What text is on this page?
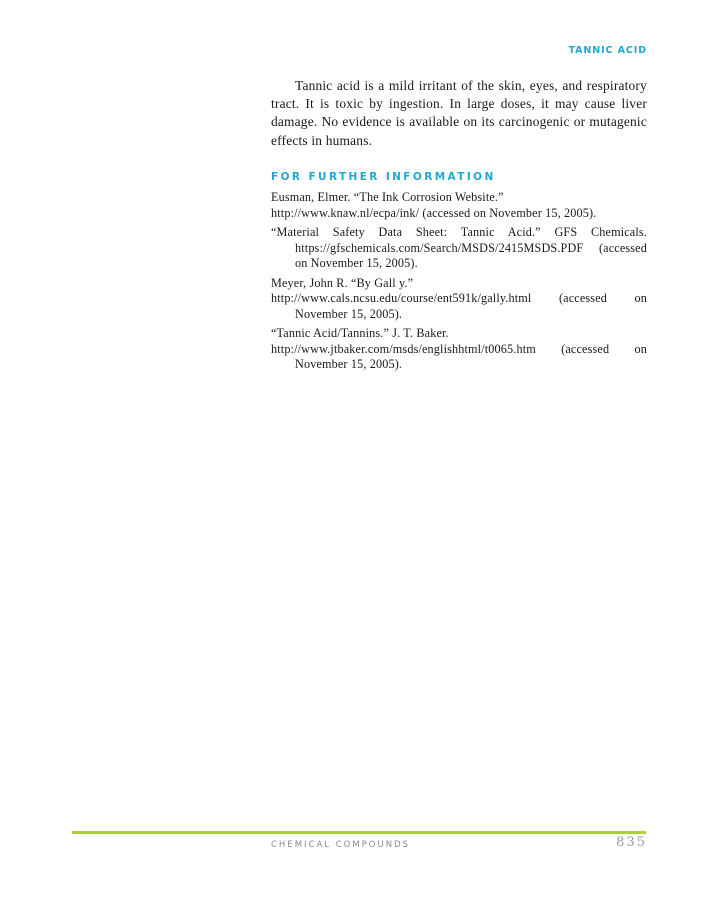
TANNIC ACID

Tannic acid is a mild irritant of the skin, eyes, and respiratory tract. It is toxic by ingestion. In large doses, it may cause liver damage. No evidence is available on its carcinogenic or mutagenic effects in humans.

FOR FURTHER INFORMATION
Eusman, Elmer. “The Ink Corrosion Website.”
http://www.knaw.nl/ecpa/ink/ (accessed on November 15, 2005).
“Material Safety Data Sheet: Tannic Acid.” GFS Chemicals. https://gfschemicals.com/Search/MSDS/2415MSDS.PDF (accessed on November 15, 2005).
Meyer, John R. “By Gall y.”
http://www.cals.ncsu.edu/course/ent591k/gally.html (accessed on November 15, 2005).
“Tannic Acid/Tannins.” J. T. Baker.
http://www.jtbaker.com/msds/englishhtml/t0065.htm (accessed on November 15, 2005).
CHEMICAL COMPOUNDS	835
